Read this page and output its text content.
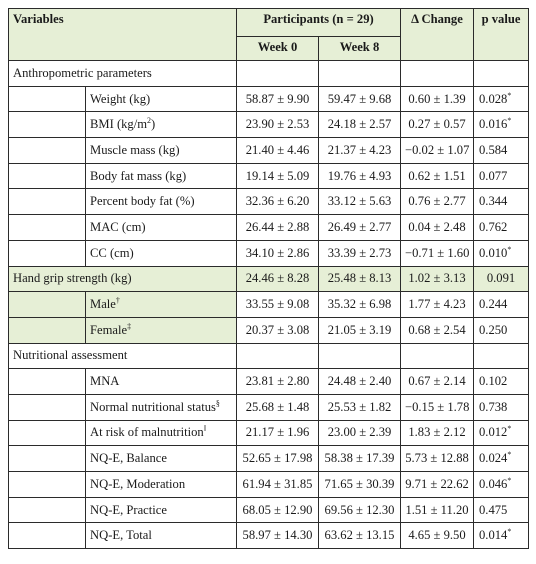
Variables		Participants (n = 29)		Δ Change	p value
		Week 0	Week 8		
Anthropometric parameters					
	Weight (kg)	58.87 ± 9.90	59.47 ± 9.68	0.60 ± 1.39	0.028*
	BMI $(kg/m^2)$	23.90 ± 2.53	24.18 ± 2.57	0.27 ± 0.57	0.016*
	Muscle mass (kg)	21.40 ± 4.46	21.37 ± 4.23	−0.02 ± 1.07	0.584
	Body fat mass (kg)	19.14 ± 5.09	19.76 ± 4.93	0.62 ± 1.51	0.077
	Percent body fat (%)	32.36 ± 6.20	33.12 ± 5.63	0.76 ± 2.77	0.344
	MAC (cm)	26.44 ± 2.88	26.49 ± 2.77	0.04 ± 2.48	0.762
	CC (cm)	34.10 ± 2.86	33.39 ± 2.73	−0.71 ± 1.60	0.010*
Hand grip strength (kg)		24.46 ± 8.28	25.48 ± 8.13	1.02 ± 3.13	0.091
	Male†	33.55 ± 9.08	35.32 ± 6.98	1.77 ± 4.23	0.244
	Female‡	20.37 ± 3.08	21.05 ± 3.19	0.68 ± 2.54	0.250
Nutritional assessment					
	MNA	23.81 ± 2.80	24.48 ± 2.40	0.67 ± 2.14	0.102
	Normal nutritional status§	25.68 ± 1.48	25.53 ± 1.82	−0.15 ± 1.78	0.738
	At risk of malnutrition‖	21.17 ± 1.96	23.00 ± 2.39	1.83 ± 2.12	0.012*
	NQ-E, Balance	52.65 ± 17.98	58.38 ± 17.39	5.73 ± 12.88	0.024*
	NQ-E, Moderation	61.94 ± 31.85	71.65 ± 30.39	9.71 ± 22.62	0.046*
	NQ-E, Practice	68.05 ± 12.90	69.56 ± 12.30	1.51 ± 11.20	0.475
	NQ-E, Total	58.97 ± 14.30	63.62 ± 13.15	4.65 ± 9.50	0.014*
